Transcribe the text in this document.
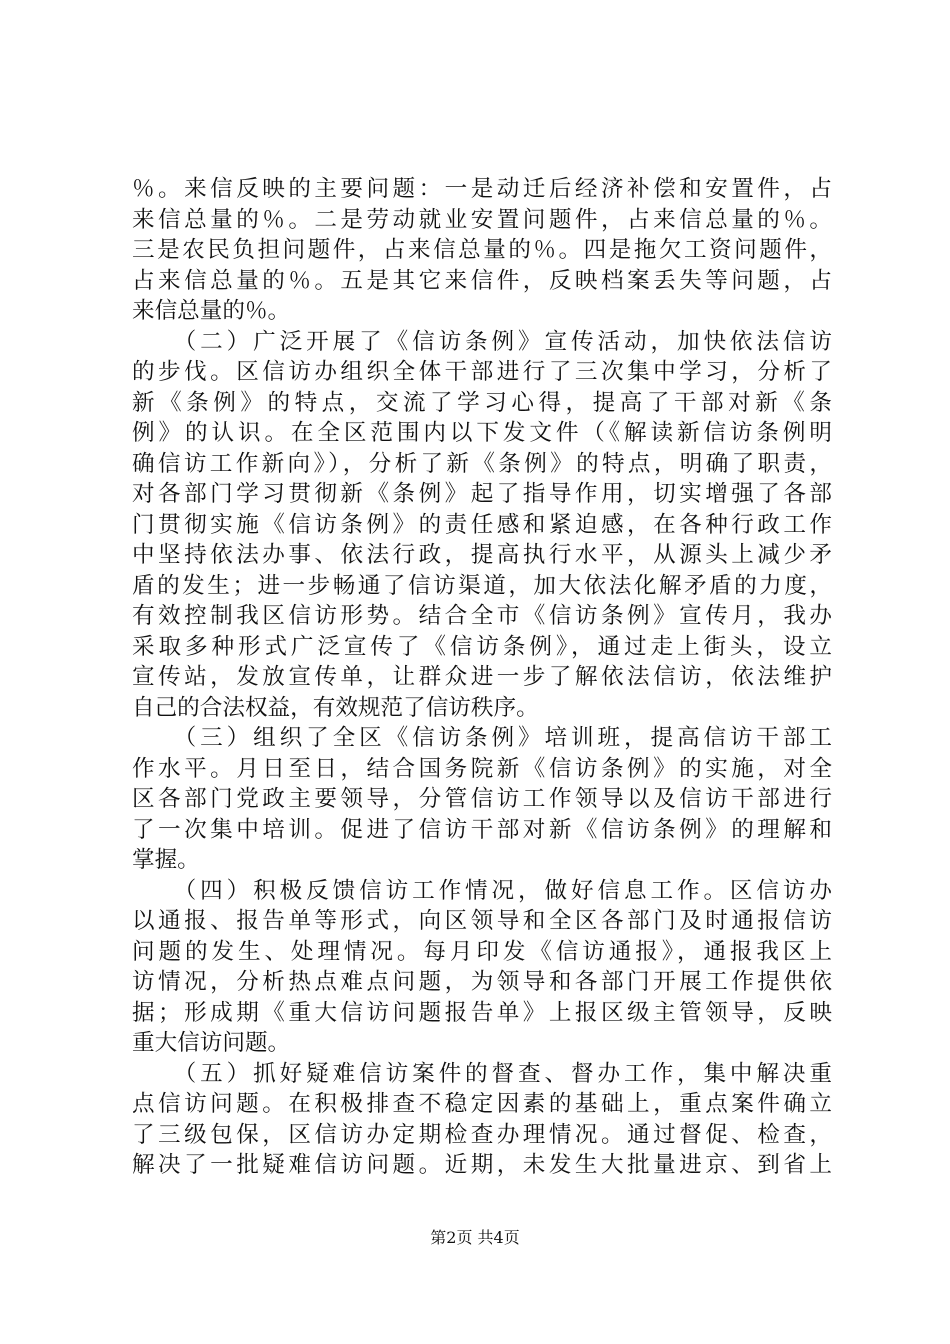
％。来信反映的主要问题：一是动迁后经济补偿和安置件，占
来信总量的％。二是劳动就业安置问题件，占来信总量的％。
三是农民负担问题件，占来信总量的％。四是拖欠工资问题件，
占来信总量的％。五是其它来信件，反映档案丢失等问题，占
来信总量的％。
　　（二）广泛开展了《信访条例》宣传活动，加快依法信访
的步伐。区信访办组织全体干部进行了三次集中学习，分析了
新《条例》的特点，交流了学习心得，提高了干部对新《条
例》的认识。在全区范围内以下发文件（《解读新信访条例明
确信访工作新向》），分析了新《条例》的特点，明确了职责，
对各部门学习贯彻新《条例》起了指导作用，切实增强了各部
门贯彻实施《信访条例》的责任感和紧迫感，在各种行政工作
中坚持依法办事、依法行政，提高执行水平，从源头上减少矛
盾的发生；进一步畅通了信访渠道，加大依法化解矛盾的力度，
有效控制我区信访形势。结合全市《信访条例》宣传月，我办
采取多种形式广泛宣传了《信访条例》，通过走上街头，设立
宣传站，发放宣传单，让群众进一步了解依法信访，依法维护
自己的合法权益，有效规范了信访秩序。
　　（三）组织了全区《信访条例》培训班，提高信访干部工
作水平。月日至日，结合国务院新《信访条例》的实施，对全
区各部门党政主要领导，分管信访工作领导以及信访干部进行
了一次集中培训。促进了信访干部对新《信访条例》的理解和
掌握。
　　（四）积极反馈信访工作情况，做好信息工作。区信访办
以通报、报告单等形式，向区领导和全区各部门及时通报信访
问题的发生、处理情况。每月印发《信访通报》，通报我区上
访情况，分析热点难点问题，为领导和各部门开展工作提供依
据；形成期《重大信访问题报告单》上报区级主管领导，反映
重大信访问题。
　　（五）抓好疑难信访案件的督查、督办工作，集中解决重
点信访问题。在积极排查不稳定因素的基础上，重点案件确立
了三级包保，区信访办定期检查办理情况。通过督促、检查，
解决了一批疑难信访问题。近期，未发生大批量进京、到省上
第2页 共4页
